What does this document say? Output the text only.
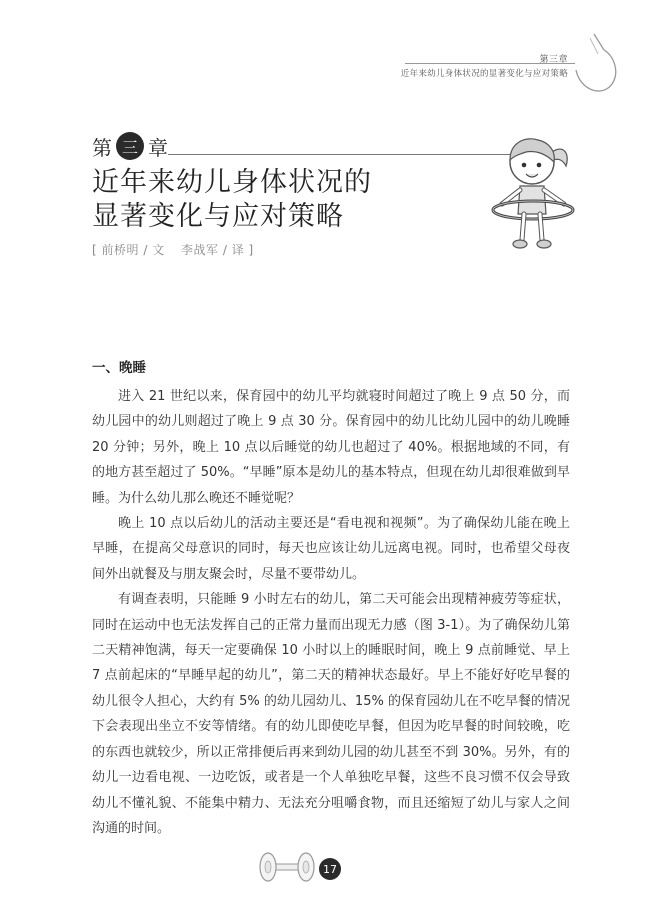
第三章
近年来幼儿身体状况的显著变化与应对策略
第 三 章
近年来幼儿身体状况的
显著变化与应对策略
[ 前桥明 / 文 李战军 / 译 ]
一、晚睡

进入 21 世纪以来，保育园中的幼儿平均就寝时间超过了晚上 9 点 50 分，而幼儿园中的幼儿则超过了晚上 9 点 30 分。保育园中的幼儿比幼儿园中的幼儿晚睡 20 分钟；另外，晚上 10 点以后睡觉的幼儿也超过了 40%。根据地域的不同，有的地方甚至超过了 50%。“早睡”原本是幼儿的基本特点，但现在幼儿却很难做到早睡。为什么幼儿那么晚还不睡觉呢？

晚上 10 点以后幼儿的活动主要还是“看电视和视频”。为了确保幼儿能在晚上早睡，在提高父母意识的同时，每天也应该让幼儿远离电视。同时，也希望父母夜间外出就餐及与朋友聚会时，尽量不要带幼儿。

有调查表明，只能睡 9 小时左右的幼儿，第二天可能会出现精神疲劳等症状，同时在运动中也无法发挥自己的正常力量而出现无力感（图 3-1）。为了确保幼儿第二天精神饱满，每天一定要确保 10 小时以上的睡眠时间，晚上 9 点前睡觉、早上 7 点前起床的“早睡早起的幼儿”，第二天的精神状态最好。早上不能好好吃早餐的幼儿很令人担心，大约有 5% 的幼儿园幼儿、15% 的保育园幼儿在不吃早餐的情况下会表现出坐立不安等情绪。有的幼儿即使吃早餐，但因为吃早餐的时间较晚，吃的东西也就较少，所以正常排便后再来到幼儿园的幼儿甚至不到 30%。另外，有的幼儿一边看电视、一边吃饭，或者是一个人单独吃早餐，这些不良习惯不仅会导致幼儿不懂礼貌、不能集中精力、无法充分咀嚼食物，而且还缩短了幼儿与家人之间沟通的时间。

17
